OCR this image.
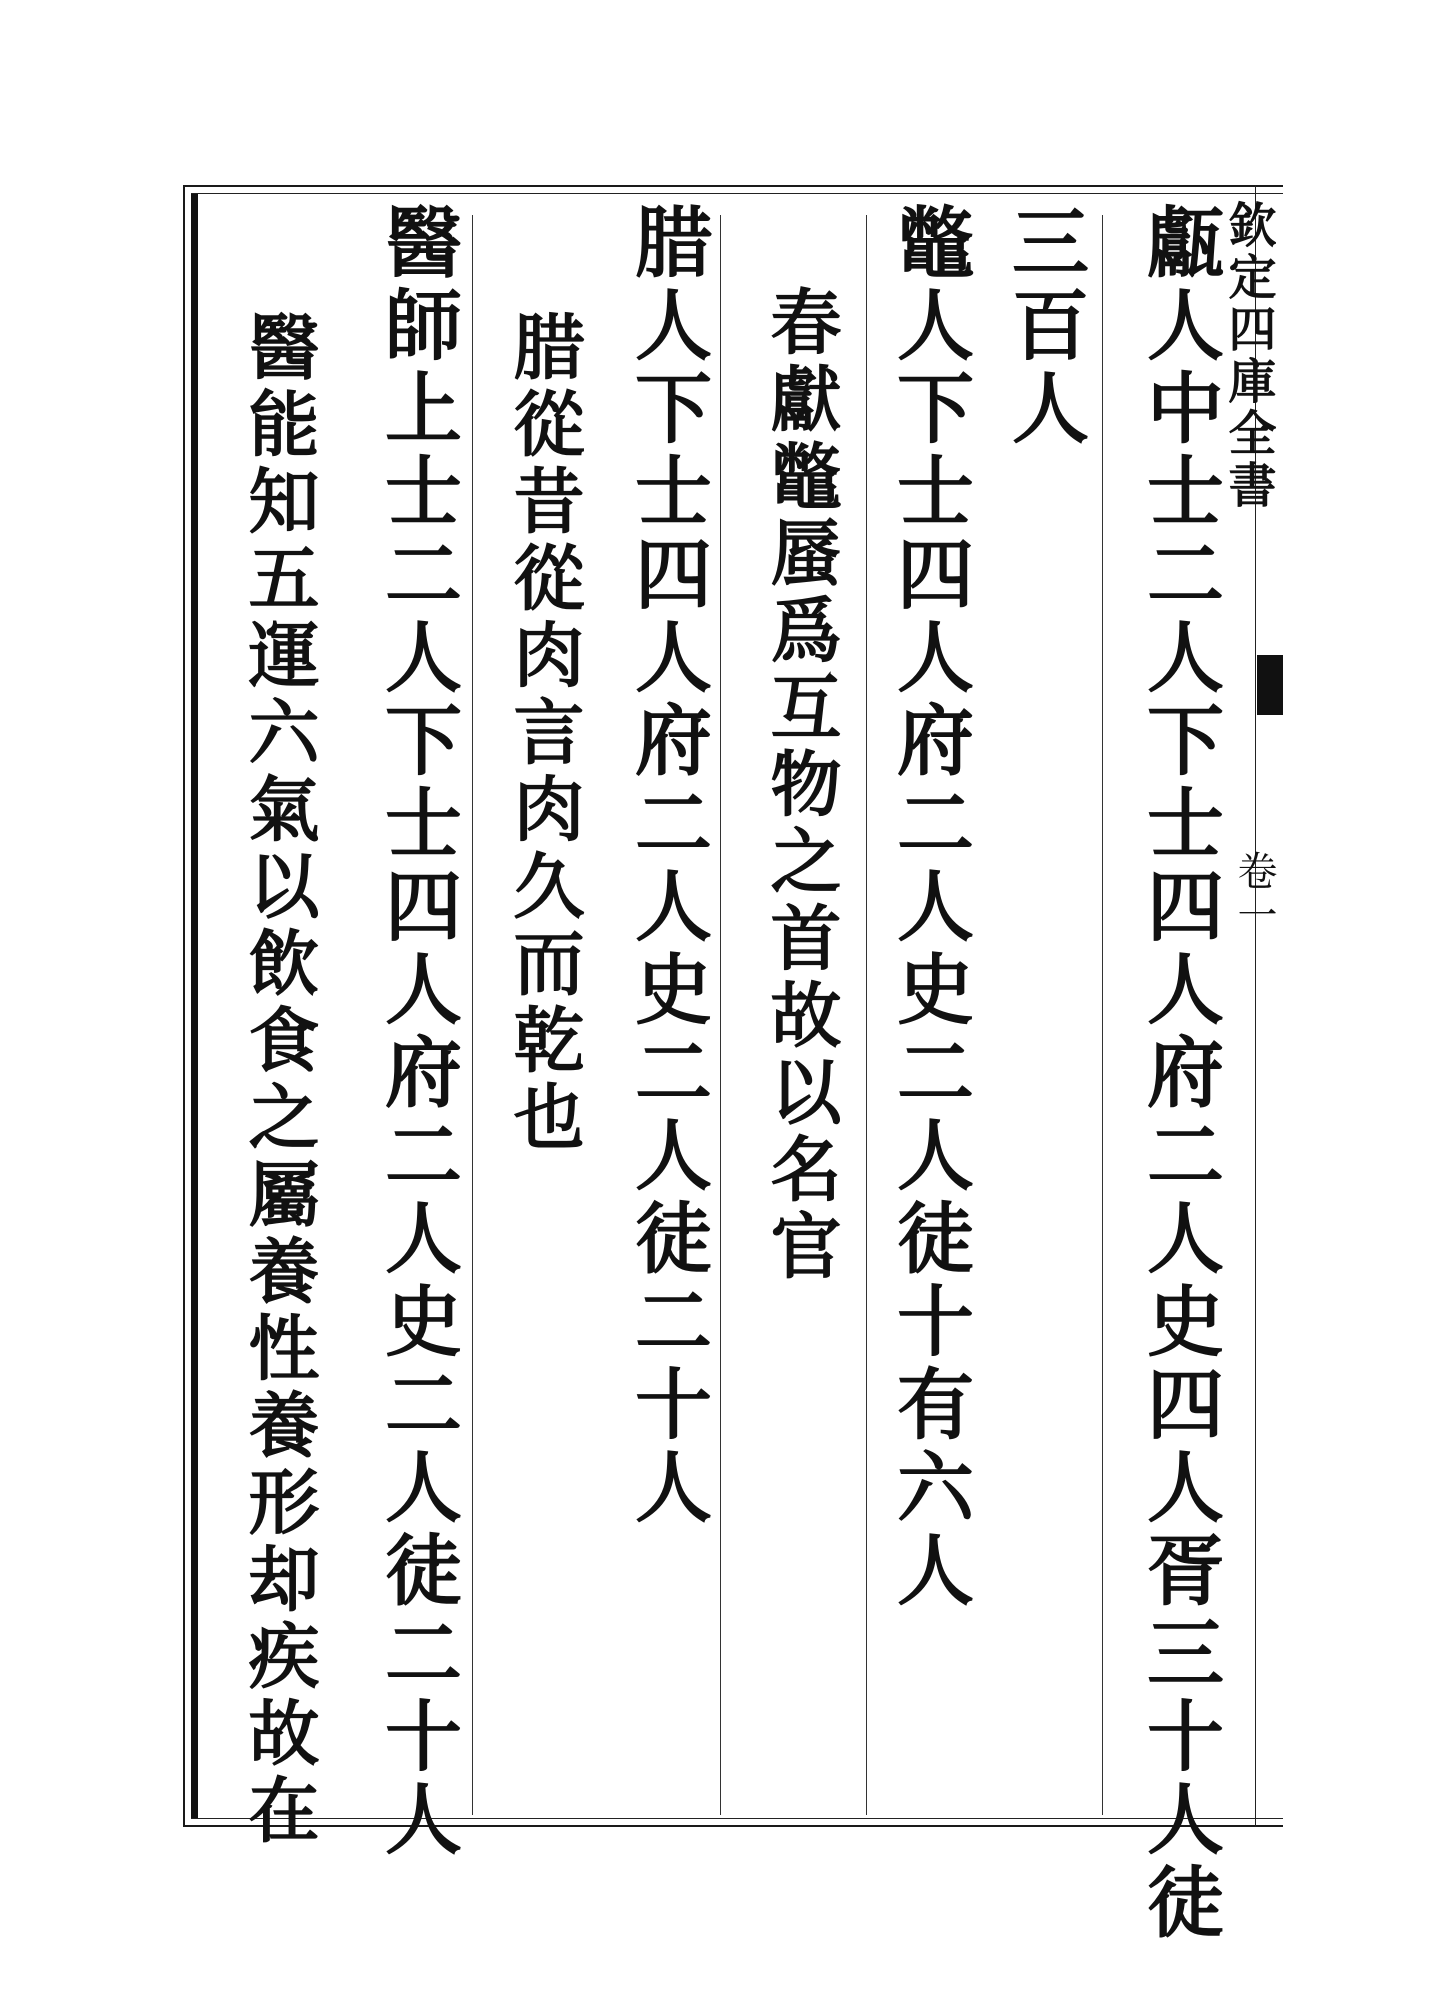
欽定四庫全書
卷一
甗人中士二人下士四人府二人史四人胥三十人徒
三百人
鼈人下士四人府二人史二人徒十有六人
春獻鼈蜃爲互物之首故以名官
腊人下士四人府二人史二人徒二十人
腊從昔從肉言肉久而乾也
醫師上士二人下士四人府二人史二人徒二十人
醫能知五運六氣以飲食之屬養性養形却疾故在
